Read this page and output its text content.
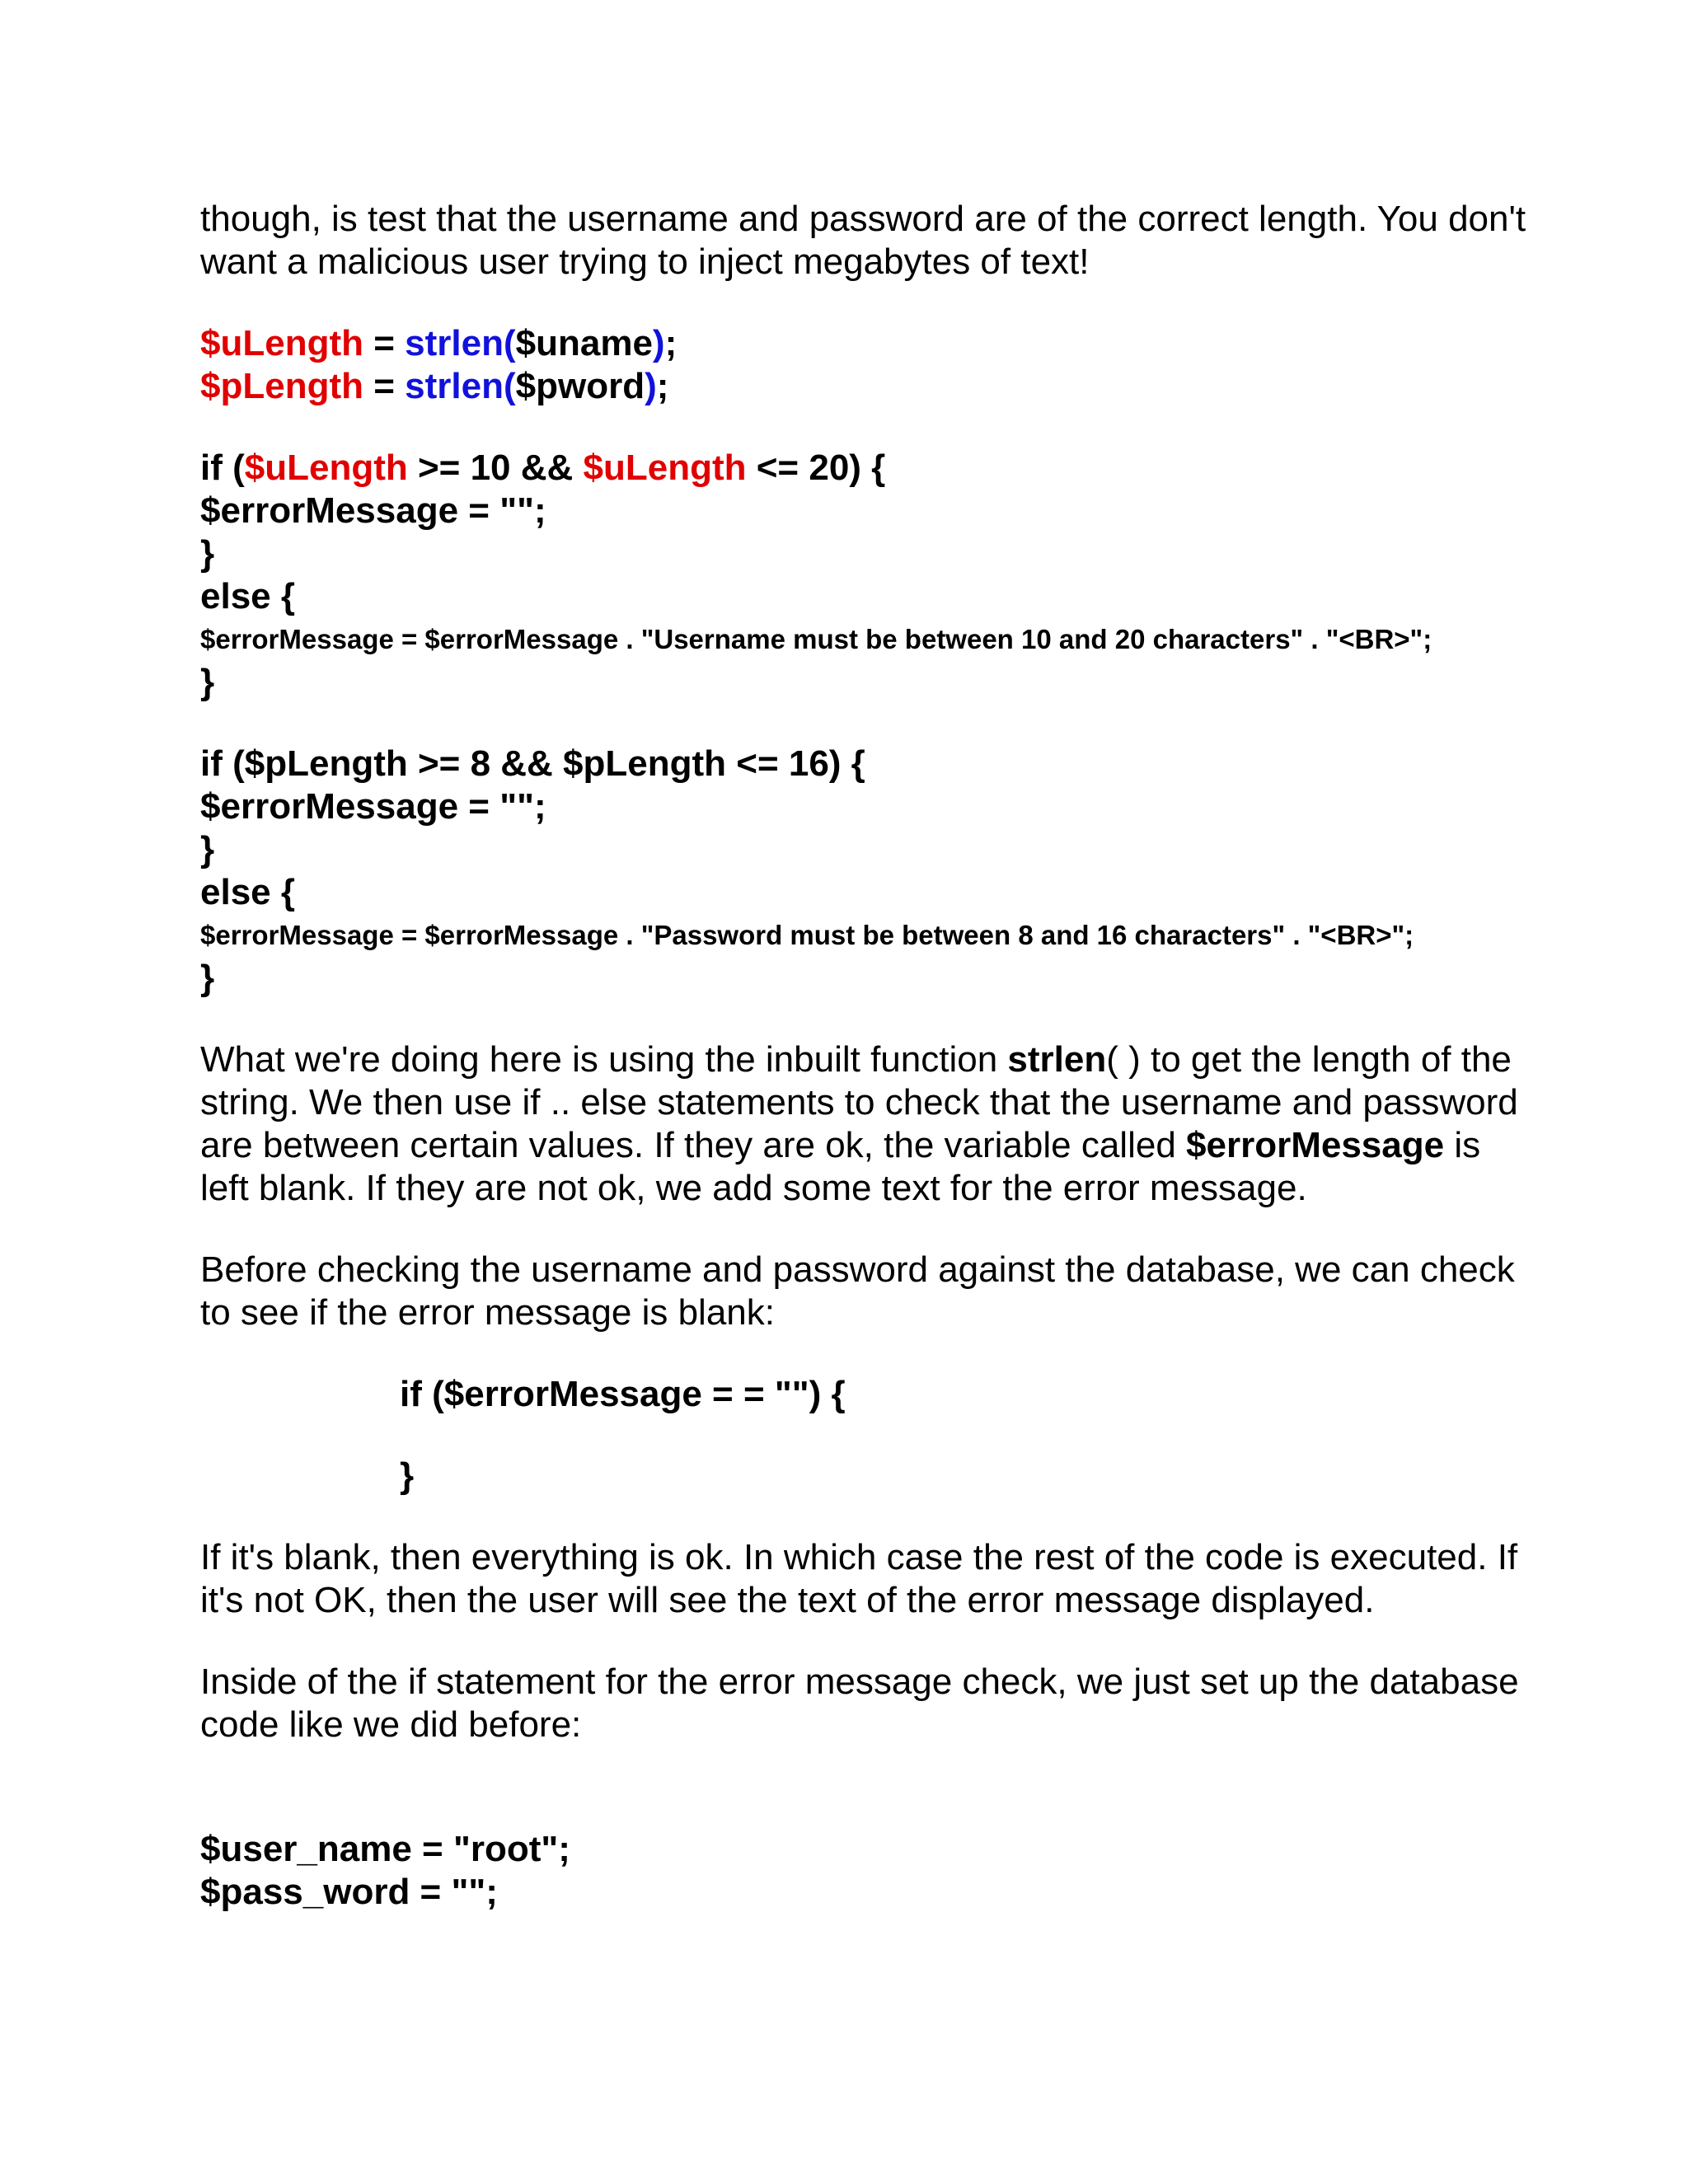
though, is test that the username and password are of the correct length. You don't want a malicious user trying to inject megabytes of text!

$uLength = strlen($uname);

$pLength = strlen($pword);

if ($uLength >= 10 && $uLength <= 20) {

$errorMessage = "";

}

else {

$errorMessage = $errorMessage . "Username must be between 10 and 20 characters" . "<BR>";

}

if ($pLength >= 8 && $pLength <= 16) {

$errorMessage = "";

}

else {

$errorMessage = $errorMessage . "Password must be between 8 and 16 characters" . "<BR>";

}

What we're doing here is using the inbuilt function strlen( ) to get the length of the string. We then use if .. else statements to check that the username and password are between certain values. If they are ok, the variable called $errorMessage is left blank. If they are not ok, we add some text for the error message.

Before checking the username and password against the database, we can check to see if the error message is blank:

if ($errorMessage = = "") {

}

If it's blank, then everything is ok. In which case the rest of the code is executed. If it's not OK, then the user will see the text of the error message displayed.

Inside of the if statement for the error message check, we just set up the database code like we did before:

$user_name = "root";

$pass_word = "";
